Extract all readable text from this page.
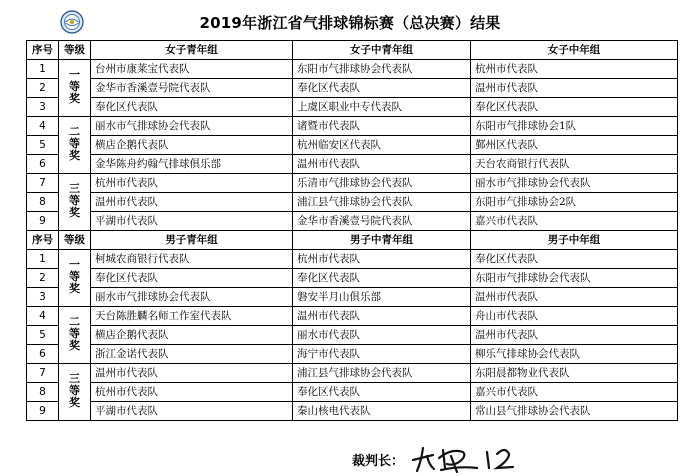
2019年浙江省气排球锦标赛（总决赛）结果
序号	等级	女子青年组	女子中青年组	女子中年组
1	一等奖	台州市康莱宝代表队	东阳市气排球协会代表队	杭州市代表队
2		金华市香溪壹号院代表队	奉化区代表队	温州市代表队
3		奉化区代表队	上虞区职业中专代表队	奉化区代表队
4	二等奖	丽水市气排球协会代表队	诸暨市代表队	东阳市气排球协会1队
5		横店企鹅代表队	杭州临安区代表队	鄞州区代表队
6		金华陈舟约翰气排球俱乐部	温州市代表队	天台农商银行代表队
7	三等奖	杭州市代表队	乐清市气排球协会代表队	丽水市气排球协会代表队
8		温州市代表队	浦江县气排球协会代表队	东阳市气排球协会2队
9		平湖市代表队	金华市香溪壹号院代表队	嘉兴市代表队
序号	等级	男子青年组	男子中青年组	男子中年组
1	一等奖	柯城农商银行代表队	杭州市代表队	奉化区代表队
2		奉化区代表队	奉化区代表队	东阳市气排球协会代表队
3		丽水市气排球协会代表队	磐安半月山俱乐部	温州市代表队
4	二等奖	天台陈胜麟名师工作室代表队	温州市代表队	舟山市代表队
5		横店企鹅代表队	丽水市代表队	温州市代表队
6		浙江金诺代表队	海宁市代表队	柳乐气排球协会代表队
7	三等奖	温州市代表队	浦江县气排球协会代表队	东阳晨都物业代表队
8		杭州市代表队	奉化区代表队	嘉兴市代表队
9		平湖市代表队	秦山核电代表队	常山县气排球协会代表队
裁判长：
